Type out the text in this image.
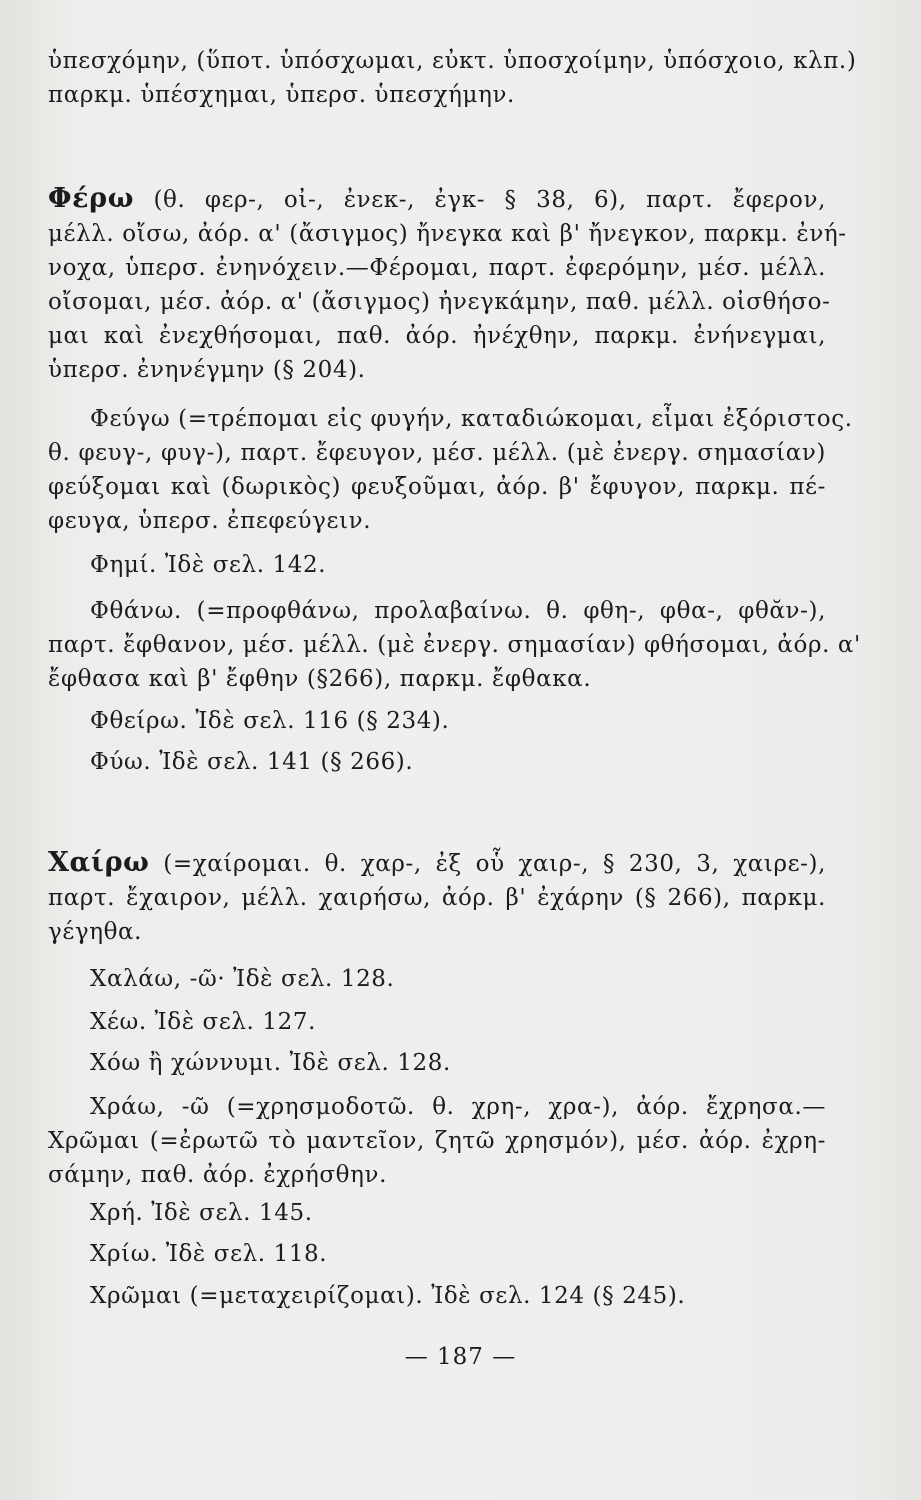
ὑπεσχόμην, (ὕποτ. ὑπόσχωμαι, εὐκτ. ὑποσχοίμην, ὑπόσχοιο, κλπ.)
παρκμ. ὑπέσχημαι, ὑπερσ. ὑπεσχήμην.
Φέρω (θ. φερ-, οἰ-, ἐνεκ-, ἐγκ- § 38, 6), παρτ. ἔφερον,
μέλλ. οἴσω, ἀόρ. α' (ἄσιγμος) ἤνεγκα καὶ β' ἤνεγκον, παρκμ. ἐνή-
νοχα, ὑπερσ. ἐνηνόχειν.—Φέρομαι, παρτ. ἐφερόμην, μέσ. μέλλ.
οἴσομαι, μέσ. ἀόρ. α' (ἄσιγμος) ἠνεγκάμην, παθ. μέλλ. οἰσθήσο-
μαι καὶ ἐνεχθήσομαι, παθ. ἀόρ. ἠνέχθην, παρκμ. ἐνήνεγμαι,
ὑπερσ. ἐνηνέγμην (§ 204).
Φεύγω (=τρέπομαι εἰς φυγήν, καταδιώκομαι, εἶμαι ἐξόριστος.
θ. φευγ-, φυγ-), παρτ. ἔφευγον, μέσ. μέλλ. (μὲ ἐνεργ. σημασίαν)
φεύξομαι καὶ (δωρικὸς) φευξοῦμαι, ἀόρ. β' ἔφυγον, παρκμ. πέ-
φευγα, ὑπερσ. ἐπεφεύγειν.
Φημί. Ἰδὲ σελ. 142.
Φθάνω. (=προφθάνω, προλαβαίνω. θ. φθη-, φθα-, φθᾰν-),
παρτ. ἔφθανον, μέσ. μέλλ. (μὲ ἐνεργ. σημασίαν) φθήσομαι, ἀόρ. α'
ἔφθασα καὶ β' ἔφθην (§266), παρκμ. ἔφθακα.
Φθείρω. Ἰδὲ σελ. 116 (§ 234).
Φύω. Ἰδὲ σελ. 141 (§ 266).
Χαίρω (=χαίρομαι. θ. χαρ-, ἐξ οὗ χαιρ-, § 230, 3, χαιρε-),
παρτ. ἔχαιρον, μέλλ. χαιρήσω, ἀόρ. β' ἐχάρην (§ 266), παρκμ.
γέγηθα.
Χαλάω, -ῶ· Ἰδὲ σελ. 128.
Χέω. Ἰδὲ σελ. 127.
Χόω ἢ χώννυμι. Ἰδὲ σελ. 128.
Χράω, -ῶ (=χρησμοδοτῶ. θ. χρη-, χρα-), ἀόρ. ἔχρησα.—
Χρῶμαι (=ἐρωτῶ τὸ μαντεῖον, ζητῶ χρησμόν), μέσ. ἀόρ. ἐχρη-
σάμην, παθ. ἀόρ. ἐχρήσθην.
Χρή. Ἰδὲ σελ. 145.
Χρίω. Ἰδὲ σελ. 118.
Χρῶμαι (=μεταχειρίζομαι). Ἰδὲ σελ. 124 (§ 245).
— 187 —
